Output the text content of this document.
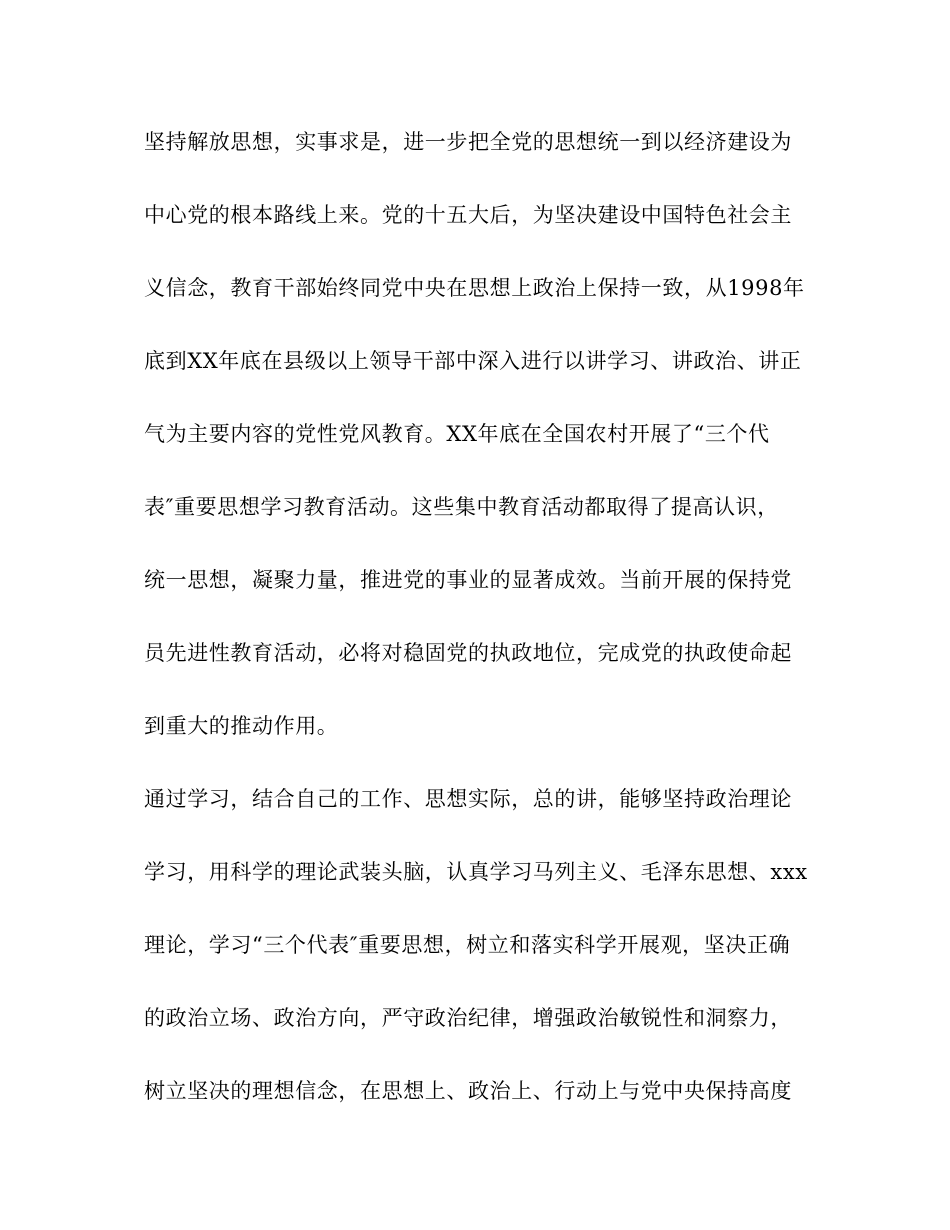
坚持解放思想，实事求是，进一步把全党的思想统一到以经济建设为
中心党的根本路线上来。党的十五大后，为坚决建设中国特色社会主
义信念，教育干部始终同党中央在思想上政治上保持一致，从1998年
底到XX年底在县级以上领导干部中深入进行以讲学习、讲政治、讲正
气为主要内容的党性党风教育。XX年底在全国农村开展了“三个代
表″重要思想学习教育活动。这些集中教育活动都取得了提高认识，
统一思想，凝聚力量，推进党的事业的显著成效。当前开展的保持党
员先进性教育活动，必将对稳固党的执政地位，完成党的执政使命起
到重大的推动作用。
通过学习，结合自己的工作、思想实际，总的讲，能够坚持政治理论
学习，用科学的理论武装头脑，认真学习马列主义、毛泽东思想、xxx
理论，学习“三个代表″重要思想，树立和落实科学开展观，坚决正确
的政治立场、政治方向，严守政治纪律，增强政治敏锐性和洞察力，
树立坚决的理想信念，在思想上、政治上、行动上与党中央保持高度
